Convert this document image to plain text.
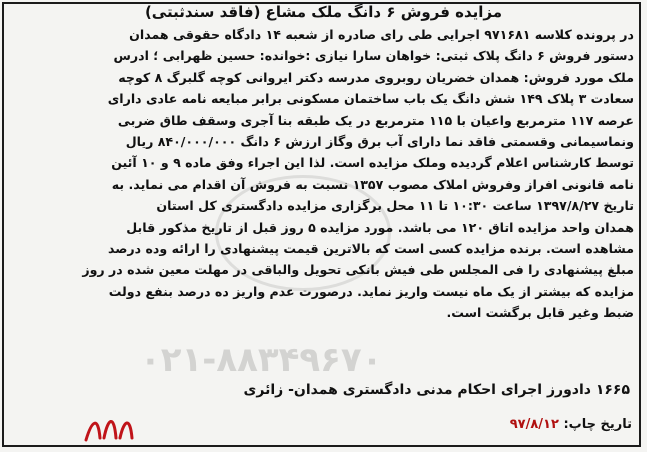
مزایده فروش ۶ دانگ ملک مشاع (فاقد سندثبتی)
در پرونده کلاسه ۹۷۱۶۸۱ اجرایی طی رای صادره از شعبه ۱۴ دادگاه حقوقی همدان
دستور فروش ۶ دانگ پلاک ثبتی: خواهان سارا نیازی :خوانده: حسین ظهرابی ؛ ادرس
ملک مورد فروش: همدان خضریان روبروی مدرسه دکتر ایروانی کوچه گلبرگ ۸ کوچه
سعادت ۳ پلاک ۱۴۹ شش دانگ یک باب ساختمان مسکونی برابر مبایعه نامه عادی دارای
عرصه ۱۱۷ مترمربع واعیان با ۱۱۵ مترمربع در یک طبقه بنا آجری وسقف طاق ضربی
ونماسیمانی وقسمتی فاقد نما دارای آب برق وگاز ارزش ۶ دانگ ۸۴۰/۰۰۰/۰۰۰ ریال
توسط کارشناس اعلام گردیده وملک مزایده است. لذا این اجراء وفق ماده ۹ و ۱۰ آئین
نامه قانونی افراز وفروش املاک مصوب ۱۳۵۷ نسبت به فروش آن اقدام می نماید. به
تاریخ ۱۳۹۷/۸/۲۷ ساعت ۱۰:۳۰ تا ۱۱ محل برگزاری مزایده دادگستری کل استان
همدان واحد مزایده اتاق ۱۲۰ می باشد. مورد مزایده ۵ روز قبل از تاریخ مذکور قابل
مشاهده است. برنده مزایده کسی است که بالاترین قیمت پیشنهادی را ارائه وده درصد
مبلغ پیشنهادی را فی المجلس طی فیش بانکی تحویل والباقی در مهلت معین شده در روز
مزایده که بیشتر از یک ماه نیست واریز نماید. درصورت عدم واریز ده درصد بنفع دولت
ضبط وغیر قابل برگشت است.
۰۲۱-۸۸۳۴۹۶۷۰
۱۶۶۵ دادورز اجرای احکام مدنی دادگستری همدان- زائری
تاریخ چاپ: ۹۷/۸/۱۲
